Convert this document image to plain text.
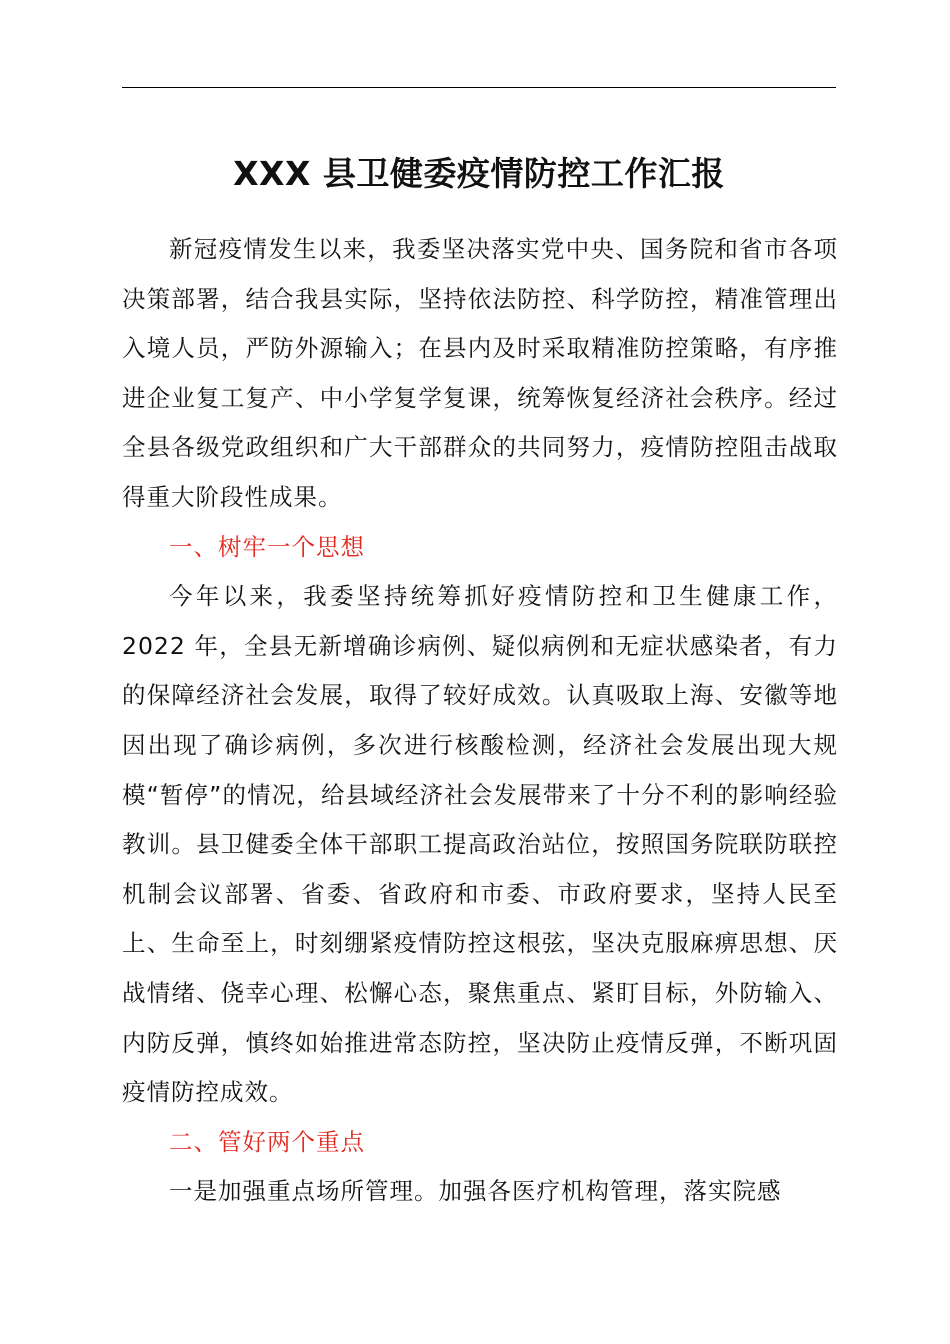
XXX 县卫健委疫情防控工作汇报

新冠疫情发生以来，我委坚决落实党中央、国务院和省市各项决策部署，结合我县实际，坚持依法防控、科学防控，精准管理出入境人员，严防外源输入；在县内及时采取精准防控策略，有序推进企业复工复产、中小学复学复课，统筹恢复经济社会秩序。经过全县各级党政组织和广大干部群众的共同努力，疫情防控阻击战取得重大阶段性成果。

一、树牢一个思想

今年以来，我委坚持统筹抓好疫情防控和卫生健康工作，2022 年，全县无新增确诊病例、疑似病例和无症状感染者，有力的保障经济社会发展，取得了较好成效。认真吸取上海、安徽等地因出现了确诊病例，多次进行核酸检测，经济社会发展出现大规模“暂停”的情况，给县域经济社会发展带来了十分不利的影响经验教训。县卫健委全体干部职工提高政治站位，按照国务院联防联控机制会议部署、省委、省政府和市委、市政府要求，坚持人民至上、生命至上，时刻绷紧疫情防控这根弦，坚决克服麻痹思想、厌战情绪、侥幸心理、松懈心态，聚焦重点、紧盯目标，外防输入、内防反弹，慎终如始推进常态防控，坚决防止疫情反弹，不断巩固疫情防控成效。

二、管好两个重点

一是加强重点场所管理。加强各医疗机构管理，落实院感
